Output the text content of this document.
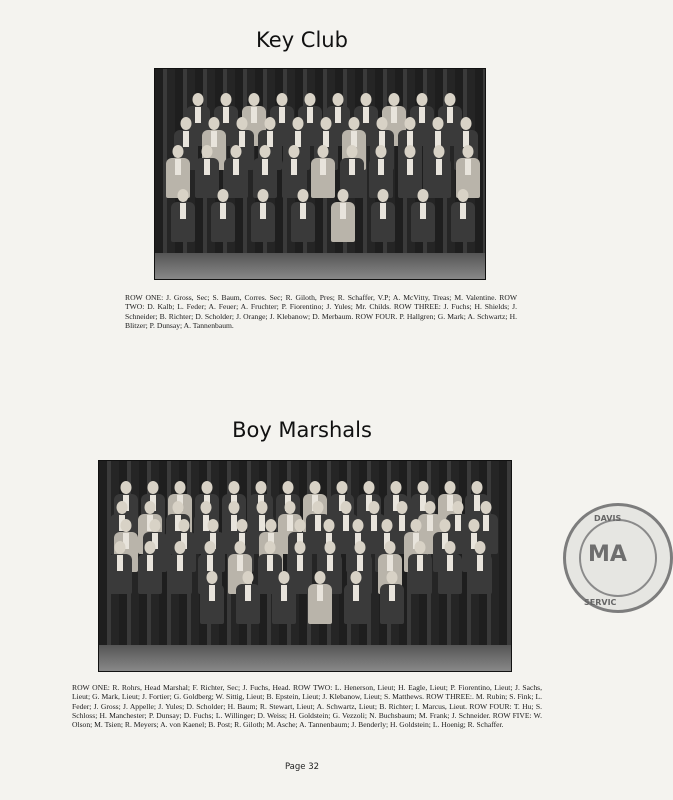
Key Club
ROW ONE: J. Gross, Sec; S. Baum, Corres. Sec; R. Giloth, Pres; R. Schaffer, V.P; A. McVitty, Treas; M. Valentine. ROW TWO: D. Kalb; L. Feder; A. Feuer; A. Fruchter; P. Fiorentino; J. Yules; Mr. Childs. ROW THREE: J. Fuchs; H. Shields; J. Schneider; B. Richter; D. Scholder; J. Orange; J. Klebanow; D. Merbaum. ROW FOUR. P. Hallgren; G. Mark; A. Schwartz; H. Blitzer; P. Dunsay; A. Tannenbaum.
Boy Marshals
ROW ONE: R. Rohrs, Head Marshal; F. Richter, Sec; J. Fuchs, Head. ROW TWO: L. Henerson, Lieut; H. Eagle, Lieut; P. Fiorentino, Lieut; J. Sachs, Lieut; G. Mark, Lieut; J. Fortier; G. Goldberg; W. Sittig, Lieut; B. Epstein, Lieut; J. Klebanow, Lieut; S. Matthews. ROW THREE:. M. Rubin; S. Fink; L. Feder; J. Gross; J. Appelle; J. Yules; D. Scholder; H. Baum; R. Stewart, Lieut; A. Schwartz, Lieut; B. Richter; I. Marcus, Lieut. ROW FOUR: T. Hu; S. Schloss; H. Manchester; P. Dunsay; D. Fuchs; L. Willinger; D. Weiss; H. Goldstein; G. Vezzoli; N. Buchsbaum; M. Frank; J. Schneider. ROW FIVE: W. Olson; M. Tsien; R. Meyers; A. von Kaenel; B. Post; R. Giloth; M. Asche; A. Tannenbaum; J. Benderly; H. Goldstein; L. Hoenig; R. Schaffer.
Page 32
DAVIS
MA
SERVIC
